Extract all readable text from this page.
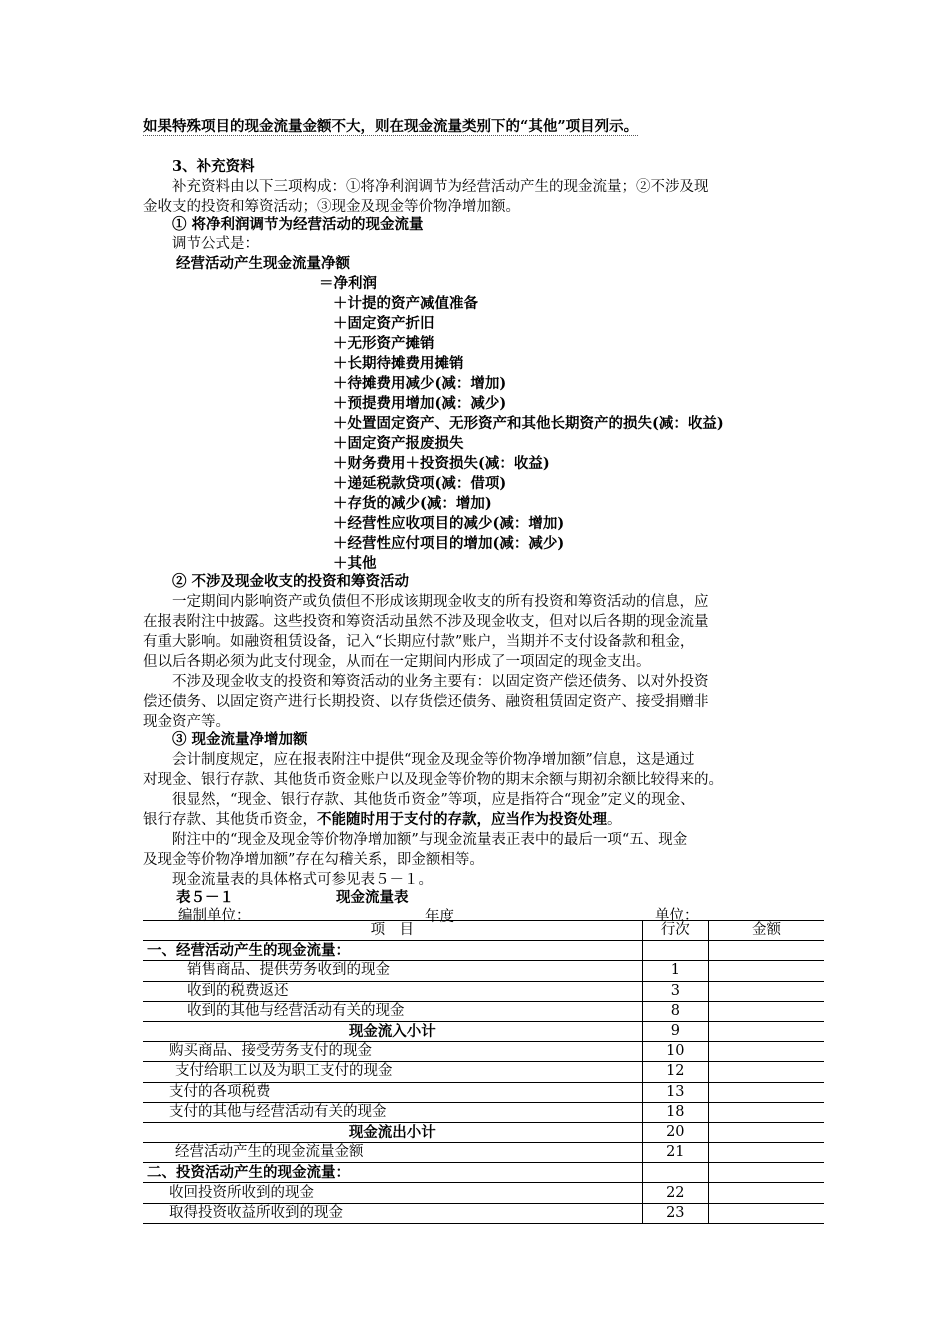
如果特殊项目的现金流量金额不大，则在现金流量类别下的“其他”项目列示。
3、补充资料
补充资料由以下三项构成：①将净利润调节为经营活动产生的现金流量；②不涉及现
金收支的投资和筹资活动；③现金及现金等价物净增加额。
① 将净利润调节为经营活动的现金流量
调节公式是：
经营活动产生现金流量净额
＝净利润
＋计提的资产减值准备
＋固定资产折旧
＋无形资产摊销
＋长期待摊费用摊销
＋待摊费用减少(减：增加)
＋预提费用增加(减：减少)
＋处置固定资产、无形资产和其他长期资产的损失(减：收益)
＋固定资产报废损失
＋财务费用＋投资损失(减：收益)
＋递延税款贷项(减：借项)
＋存货的减少(减：增加)
＋经营性应收项目的减少(减：增加)
＋经营性应付项目的增加(减：减少)
＋其他
② 不涉及现金收支的投资和筹资活动
一定期间内影响资产或负债但不形成该期现金收支的所有投资和筹资活动的信息，应
在报表附注中披露。这些投资和筹资活动虽然不涉及现金收支，但对以后各期的现金流量
有重大影响。如融资租赁设备，记入“长期应付款”账户，当期并不支付设备款和租金，
但以后各期必须为此支付现金，从而在一定期间内形成了一项固定的现金支出。
不涉及现金收支的投资和筹资活动的业务主要有：以固定资产偿还债务、以对外投资
偿还债务、以固定资产进行长期投资、以存货偿还债务、融资租赁固定资产、接受捐赠非
现金资产等。
③ 现金流量净增加额
会计制度规定，应在报表附注中提供“现金及现金等价物净增加额”信息，这是通过
对现金、银行存款、其他货币资金账户以及现金等价物的期末余额与期初余额比较得来的。
很显然，“现金、银行存款、其他货币资金”等项，应是指符合“现金”定义的现金、
银行存款、其他货币资金，不能随时用于支付的存款，应当作为投资处理。
附注中的“现金及现金等价物净增加额”与现金流量表正表中的最后一项“五、现金
及现金等价物净增加额”存在勾稽关系，即金额相等。
现金流量表的具体格式可参见表５－１。
表５－１	现金流量表
编制单位：	年度	单位：
项　目	行次	金额
一、经营活动产生的现金流量：		
销售商品、提供劳务收到的现金	1	
收到的税费返还	3	
收到的其他与经营活动有关的现金	8	
现金流入小计	9	
购买商品、接受劳务支付的现金	10	
支付给职工以及为职工支付的现金	12	
支付的各项税费	13	
支付的其他与经营活动有关的现金	18	
现金流出小计	20	
经营活动产生的现金流量金额	21	
二、投资活动产生的现金流量：		
收回投资所收到的现金	22	
取得投资收益所收到的现金	23	
